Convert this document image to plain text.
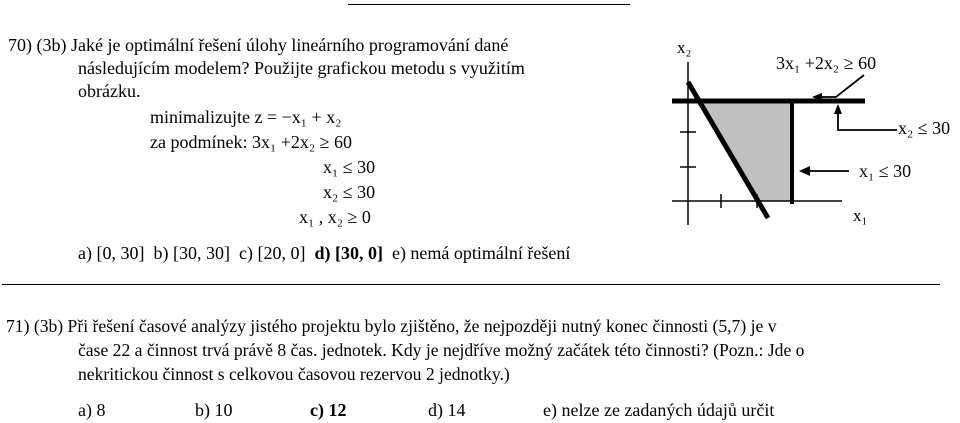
70) (3b) Jaké je optimální řešení úlohy lineárního programování dané
následujícím modelem? Použijte grafickou metodu s využitím
obrázku.
minimalizujte z = −x₁ + x₂
za podmínek: 3x₁ +2x₂ ≥ 60
x₁ ≤ 30
x₂ ≤ 30
x₁ , x₂ ≥ 0
a) [0, 30] b) [30, 30] c) [20, 0] d) [30, 0] e) nemá optimální řešení
x₂
x₁
3x₁ +2x₂ ≥ 60
x₂ ≤ 30
x₁ ≤ 30
71) (3b) Při řešení časové analýzy jistého projektu bylo zjištěno, že nejpozději nutný konec činnosti (5,7) je v
čase 22 a činnost trvá právě 8 čas. jednotek. Kdy je nejdříve možný začátek této činnosti? (Pozn.: Jde o
nekritickou činnost s celkovou časovou rezervou 2 jednotky.)
a) 8	b) 10	c) 12	d) 14	e) nelze ze zadaných údajů určit
